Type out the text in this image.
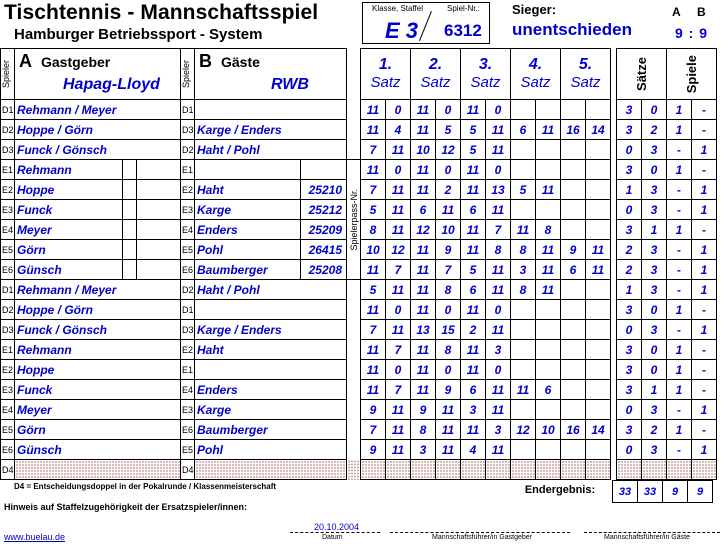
Tischtennis - Mannschaftsspiel
Hamburger Betriebssport - System
Klasse, Staffel	Spiel-Nr.:
E 3 6312
Sieger:
unentschieden
A B
9 : 9
Spieler	A Gastgeber
Hapag-Lloyd			Spieler	B Gäste
RWB			1.
Satz		2.
Satz		3.
Satz		4.
Satz		5.
Satz			Sätze		Spiele	

D1	Rehmann / Meyer			D1				11	0	11	0	11	0						3	0	1	-
D2	Hoppe / Görn			D3	Karge / Enders			11	4	11	5	5	11	6	11	16	14		3	2	1	-
D3	Funck / Gönsch			D2	Haht / Pohl			7	11	10	12	5	11						0	3	-	1
E1	Rehmann			E1			Spielerpass-Nr.	11	0	11	0	11	0						3	0	1	-
E2	Hoppe			E2	Haht	25210		7	11	11	2	11	13	5	11				1	3	-	1
E3	Funck			E3	Karge	25212		5	11	6	11	6	11						0	3	-	1
E4	Meyer			E4	Enders	25209		8	11	12	10	11	7	11	8				3	1	1	-
E5	Görn			E5	Pohl	26415		10	12	11	9	11	8	8	11	9	11		2	3	-	1
E6	Günsch			E6	Baumberger	25208		11	7	11	7	5	11	3	11	6	11		2	3	-	1
D1	Rehmann / Meyer			D2	Haht / Pohl			5	11	11	8	6	11	8	11				1	3	-	1
D2	Hoppe / Görn			D1				11	0	11	0	11	0						3	0	1	-
D3	Funck / Gönsch			D3	Karge / Enders			7	11	13	15	2	11						0	3	-	1
E1	Rehmann			E2	Haht			11	7	11	8	11	3						3	0	1	-
E2	Hoppe			E1				11	0	11	0	11	0						3	0	1	-
E3	Funck			E4	Enders			11	7	11	9	6	11	11	6				3	1	1	-
E4	Meyer			E3	Karge			9	11	9	11	3	11						0	3	-	1
E5	Görn			E6	Baumberger			7	11	8	11	11	3	12	10	16	14		3	2	1	-
E6	Günsch			E5	Pohl			9	11	3	11	4	11						0	3	-	1
D4				D4																		
D4 = Entscheidungsdoppel in der Pokalrunde / Klassenmeisterschaft
Hinweis auf Staffelzugehörigkeit der Ersatzspieler/innen:
Endergebnis:	33	33	9	9
www.buelau.de
20.10.2004
Datum	Mannschaftsführer/in Gastgeber	Mannschaftsführer/in Gäste
